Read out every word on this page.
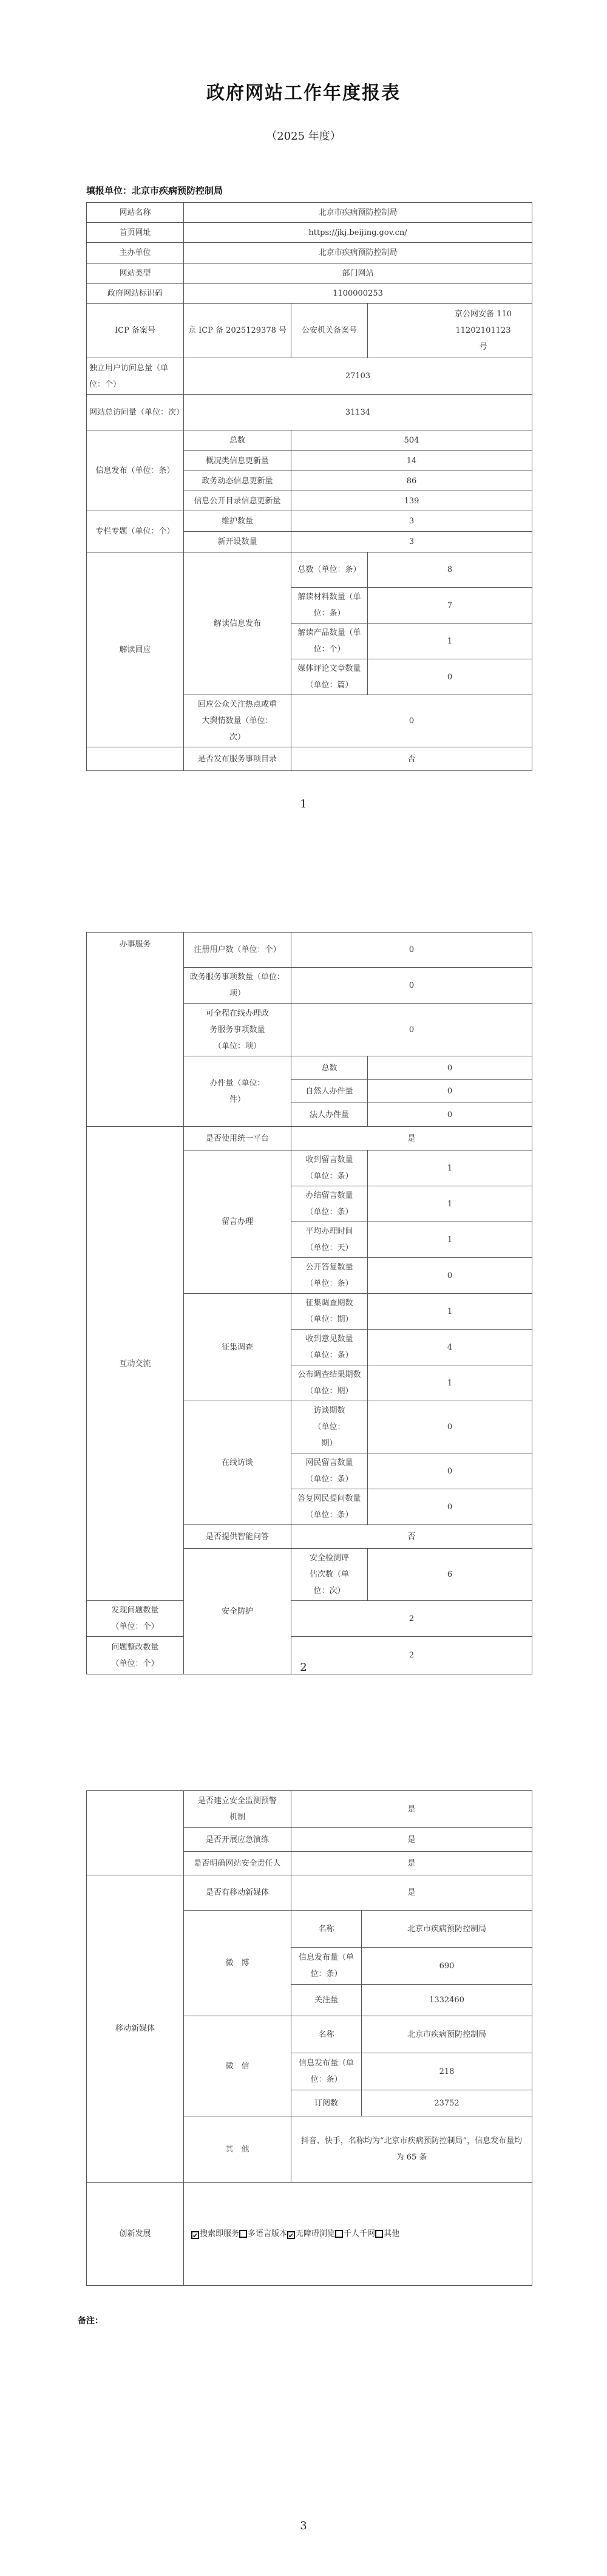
政府网站工作年度报表
（2025 年度）
填报单位：北京市疾病预防控制局
网站名称	北京市疾病预防控制局		
首页网址	https://jkj.beijing.gov.cn/		
主办单位	北京市疾病预防控制局		
网站类型	部门网站		
政府网站标识码	1100000253		
ICP 备案号	京 ICP 备 2025129378 号	公安机关备案号	京公网安备 11011202101123 号
独立用户访问总量（单位：个）	27103		
网站总访问量（单位：次）	31134		
信息发布（单位：条）	总数	504	
	概况类信息更新量	14	
	政务动态信息更新量	86	
	信息公开目录信息更新量	139	
专栏专题（单位：个）	维护数量	3	
	新开设数量	3	
解读回应	解读信息发布	总数（单位：条）	8
		解读材料数量（单位：条）	7
		解读产品数量（单位：个）	1
		媒体评论文章数量（单位：篇）	0
	回应公众关注热点或重大舆情数量（单位：次）	0	
	是否发布服务事项目录	否	
1
办事服务	注册用户数（单位：个）	0	
	政务服务事项数量（单位：项）	0	
	可全程在线办理政务服务事项数量（单位：项）	0	
	办件量（单位：件）	总数	0
		自然人办件量	0
		法人办件量	0
互动交流	是否使用统一平台	是	
	留言办理	收到留言数量（单位：条）	1
		办结留言数量（单位：条）	1
		平均办理时间（单位：天）	1
		公开答复数量（单位：条）	0
	征集调查	征集调查期数（单位：期）	1
		收到意见数量（单位：条）	4
		公布调查结果期数（单位：期）	1
	在线访谈	访谈期数（单位：期）	0
		网民留言数量（单位：条）	0
		答复网民提问数量（单位：条）	0
	是否提供智能问答	否	
	安全防护	安全检测评估次数（单位：次）	6
发现问题数量（单位：个）		2	
问题整改数量（单位：个）		2	
2
	是否建立安全监测预警机制	是	
	是否开展应急演练	是	
	是否明确网站安全责任人	是	
移动新媒体	是否有移动新媒体	是	
	微　博	名称	北京市疾病预防控制局
		信息发布量（单位：条）	690
		关注量	1332460
	微　信	名称	北京市疾病预防控制局
		信息发布量（单位：条）	218
		订阅数	23752
	其　他	抖音、快手，名称均为“北京市疾病预防控制局”，信息发布量均为 65 条	
创新发展	✔ 搜索即服务 多语言版本 ✔ 无障碍浏览 千人千网 其他		
备注：
3
